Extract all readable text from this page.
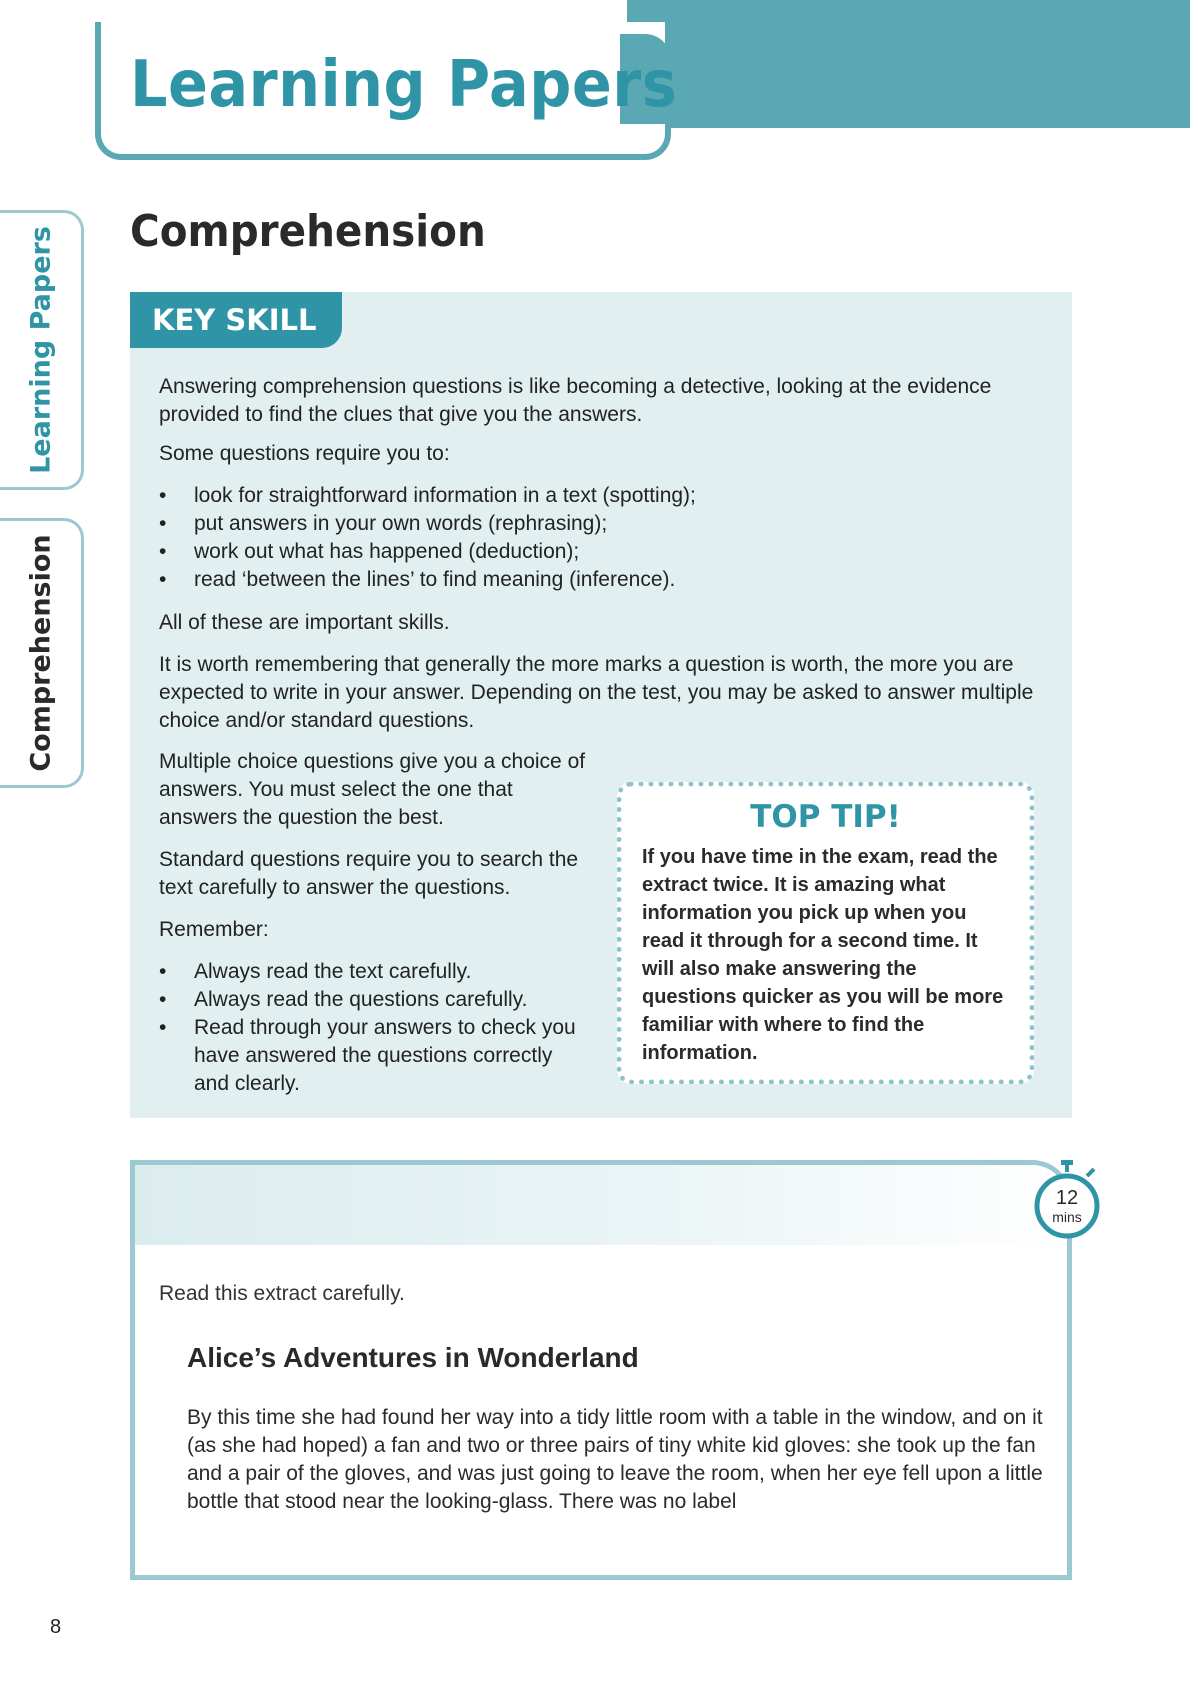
Learning Papers
Learning Papers
Comprehension
Comprehension
KEY SKILL

Answering comprehension questions is like becoming a detective, looking at the evidence provided to find the clues that give you the answers.

Some questions require you to:

• look for straightforward information in a text (spotting);
• put answers in your own words (rephrasing);
• work out what has happened (deduction);
• read ‘between the lines’ to find meaning (inference).

All of these are important skills.

It is worth remembering that generally the more marks a question is worth, the more you are expected to write in your answer. Depending on the test, you may be asked to answer multiple choice and/or standard questions.

Multiple choice questions give you a choice of answers. You must select the one that answers the question the best.

Standard questions require you to search the text carefully to answer the questions.

Remember:

• Always read the text carefully.
• Always read the questions carefully.
• Read through your answers to check you have answered the questions correctly and clearly.
TOP TIP!
If you have time in the exam, read the extract twice. It is amazing what information you pick up when you read it through for a second time. It will also make answering the questions quicker as you will be more familiar with where to find the information.
12
mins
Read this extract carefully.
Alice’s Adventures in Wonderland

By this time she had found her way into a tidy little room with a table in the window, and on it (as she had hoped) a fan and two or three pairs of tiny white kid gloves: she took up the fan and a pair of the gloves, and was just going to leave the room, when her eye fell upon a little bottle that stood near the looking-glass. There was no label

8
